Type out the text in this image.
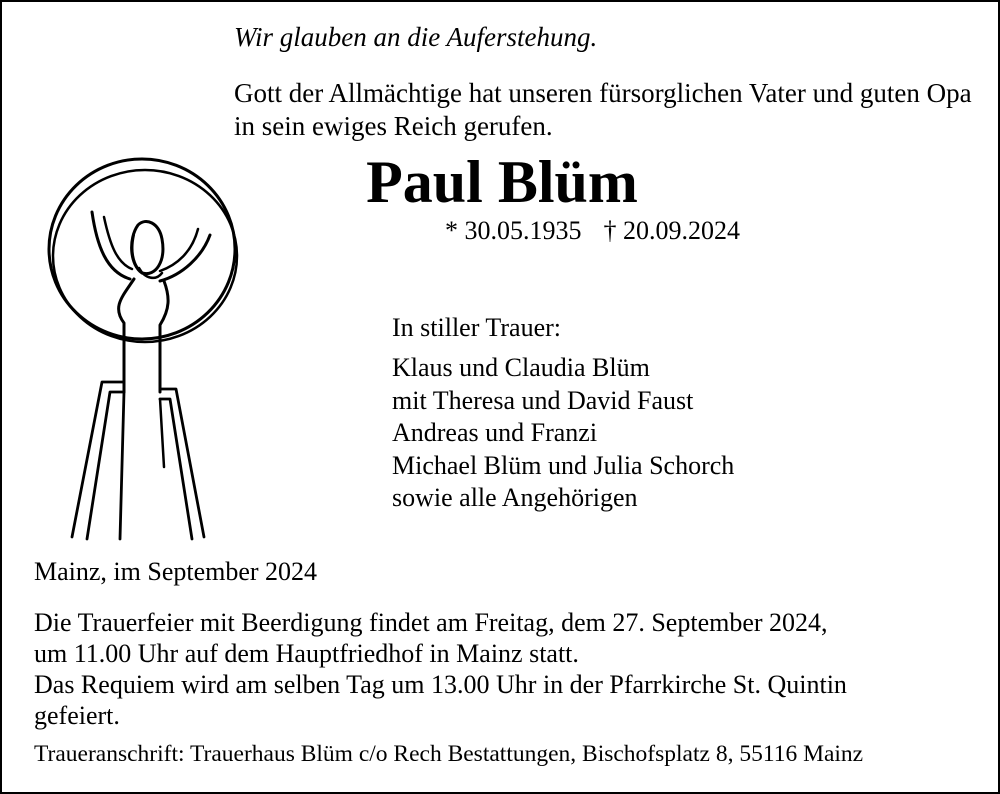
Wir glauben an die Auferstehung.
Gott der Allmächtige hat unseren fürsorglichen Vater und guten Opa in sein ewiges Reich gerufen.
Paul Blüm
* 30.05.1935 † 20.09.2024
In stiller Trauer:
Klaus und Claudia Blüm
mit Theresa und David Faust
Andreas und Franzi
Michael Blüm und Julia Schorch
sowie alle Angehörigen
Mainz, im September 2024
Die Trauerfeier mit Beerdigung findet am Freitag, dem 27. September 2024,
um 11.00 Uhr auf dem Hauptfriedhof in Mainz statt.
Das Requiem wird am selben Tag um 13.00 Uhr in der Pfarrkirche St. Quintin
gefeiert.
Traueranschrift: Trauerhaus Blüm c/o Rech Bestattungen, Bischofsplatz 8, 55116 Mainz
